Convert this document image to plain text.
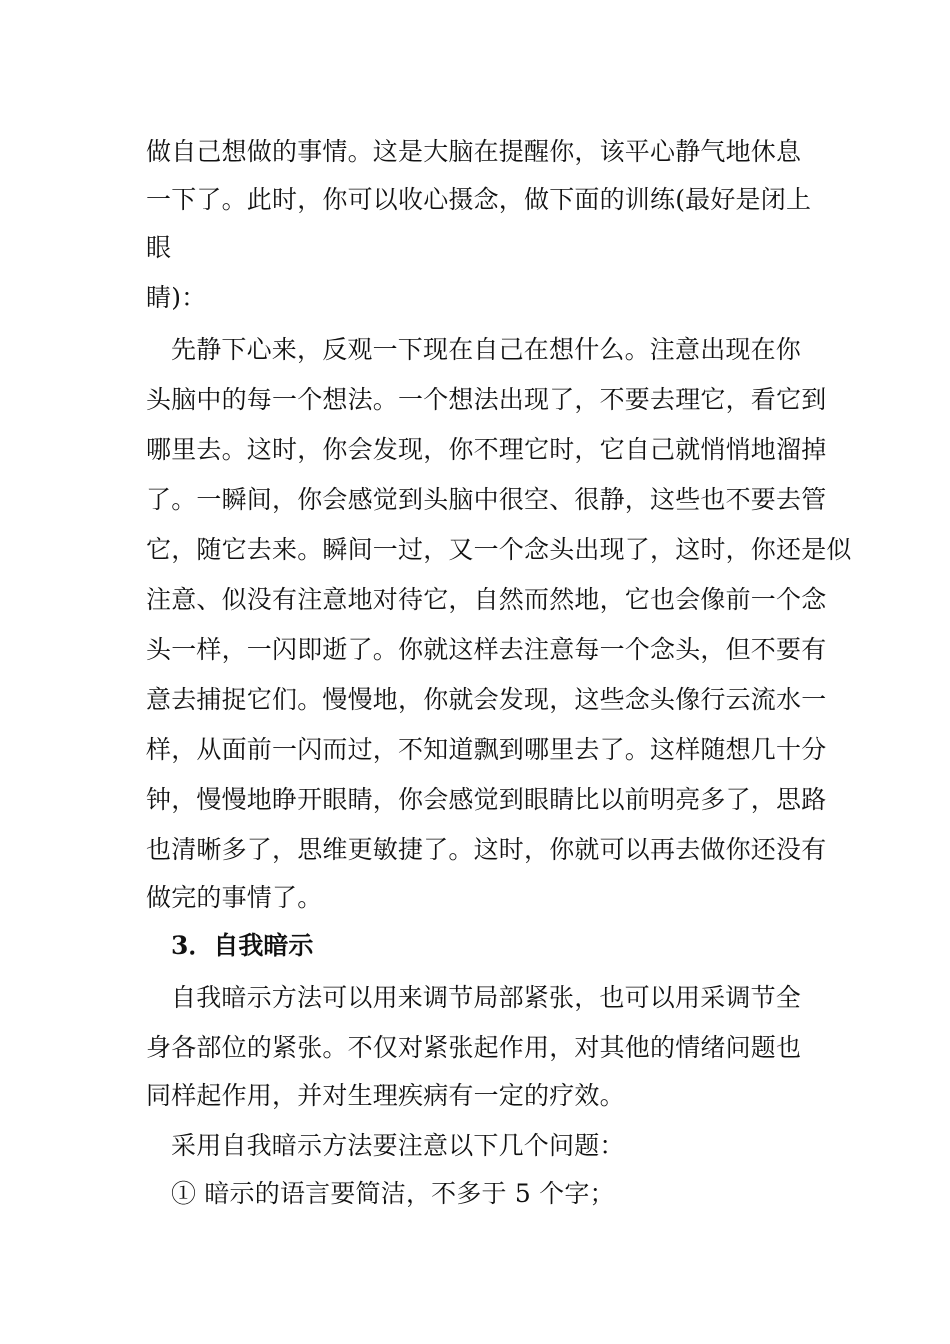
做自己想做的事情。这是大脑在提醒你，该平心静气地休息
一下了。此时，你可以收心摄念，做下面的训练(最好是闭上
眼
睛)：
先静下心来，反观一下现在自己在想什么。注意出现在你
头脑中的每一个想法。一个想法出现了，不要去理它，看它到
哪里去。这时，你会发现，你不理它时，它自己就悄悄地溜掉
了。一瞬间，你会感觉到头脑中很空、很静，这些也不要去管
它，随它去来。瞬间一过，又一个念头出现了，这时，你还是似
注意、似没有注意地对待它，自然而然地，它也会像前一个念
头一样，一闪即逝了。你就这样去注意每一个念头，但不要有
意去捕捉它们。慢慢地，你就会发现，这些念头像行云流水一
样，从面前一闪而过，不知道飘到哪里去了。这样随想几十分
钟，慢慢地睁开眼睛，你会感觉到眼睛比以前明亮多了，思路
也清晰多了，思维更敏捷了。这时，你就可以再去做你还没有
做完的事情了。
3．自我暗示
自我暗示方法可以用来调节局部紧张，也可以用采调节全
身各部位的紧张。不仅对紧张起作用，对其他的情绪问题也
同样起作用，并对生理疾病有一定的疗效。
采用自我暗示方法要注意以下几个问题：
① 暗示的语言要简洁，不多于 5 个字；
